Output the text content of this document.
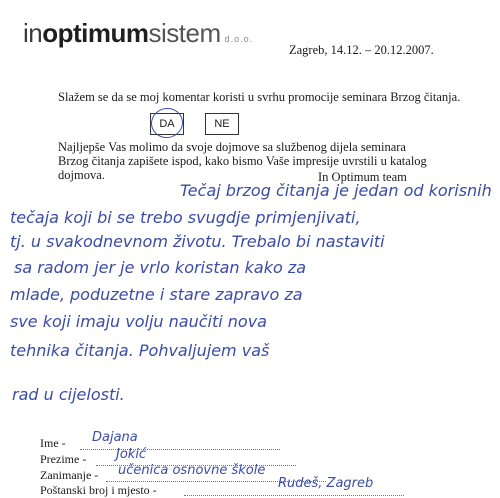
inoptimumsistem d.o.o.
Zagreb, 14.12. – 20.12.2007.
Slažem se da se moj komentar koristi u svrhu promocije seminara Brzog čitanja.
DA	NE
Najljepše Vas molimo da svoje dojmove sa službenog dijela seminara Brzog čitanja zapišete ispod, kako bismo Vaše impresije uvrstili u katalog dojmova.	In Optimum team
Tečaj brzog čitanja je jedan od korisnih
tečaja koji bi se trebo svugdje primjenjivati,
tj. u svakodnevnom životu. Trebalo bi nastaviti
sa radom jer je vrlo koristan kako za
mlade, poduzetne i stare zapravo za
sve koji imaju volju naučiti nova
tehnika čitanja. Pohvaljujem vaš
rad u cijelosti.
Ime - Dajana
Prezime - Jokić
Zanimanje - učenica osnovne škole
Poštanski broj i mjesto -	Rudeš, Zagreb
